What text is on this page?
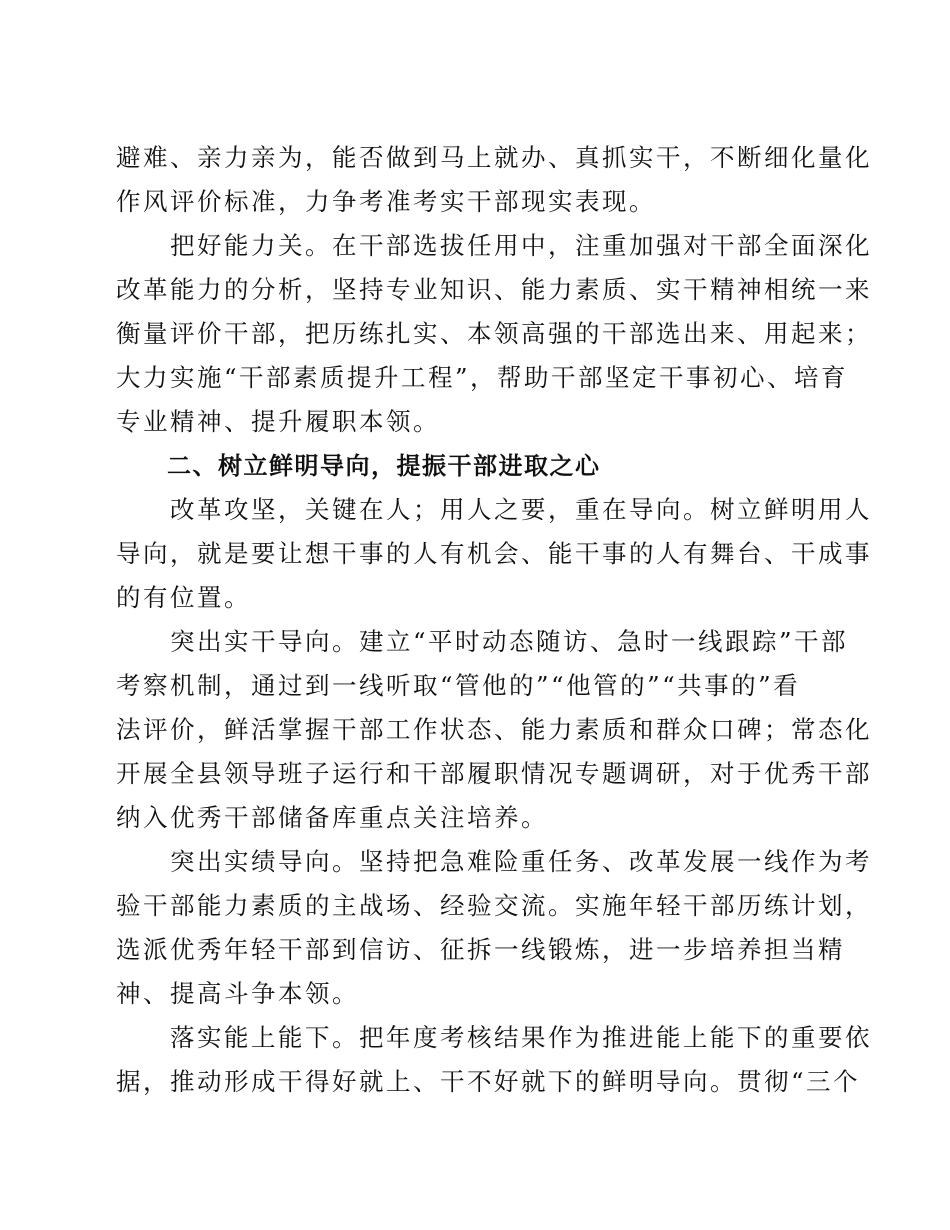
避难、亲力亲为，能否做到马上就办、真抓实干，不断细化量化
作风评价标准，力争考准考实干部现实表现。
　　把好能力关。在干部选拔任用中，注重加强对干部全面深化
改革能力的分析，坚持专业知识、能力素质、实干精神相统一来
衡量评价干部，把历练扎实、本领高强的干部选出来、用起来；
大力实施“干部素质提升工程”，帮助干部坚定干事初心、培育
专业精神、提升履职本领。
　　二、树立鲜明导向，提振干部进取之心
　　改革攻坚，关键在人；用人之要，重在导向。树立鲜明用人
导向，就是要让想干事的人有机会、能干事的人有舞台、干成事
的有位置。
　　突出实干导向。建立“平时动态随访、急时一线跟踪”干部
考察机制，通过到一线听取“管他的”“他管的”“共事的”看
法评价，鲜活掌握干部工作状态、能力素质和群众口碑；常态化
开展全县领导班子运行和干部履职情况专题调研，对于优秀干部
纳入优秀干部储备库重点关注培养。
　　突出实绩导向。坚持把急难险重任务、改革发展一线作为考
验干部能力素质的主战场、经验交流。实施年轻干部历练计划，
选派优秀年轻干部到信访、征拆一线锻炼，进一步培养担当精
神、提高斗争本领。
　　落实能上能下。把年度考核结果作为推进能上能下的重要依
据，推动形成干得好就上、干不好就下的鲜明导向。贯彻“三个
